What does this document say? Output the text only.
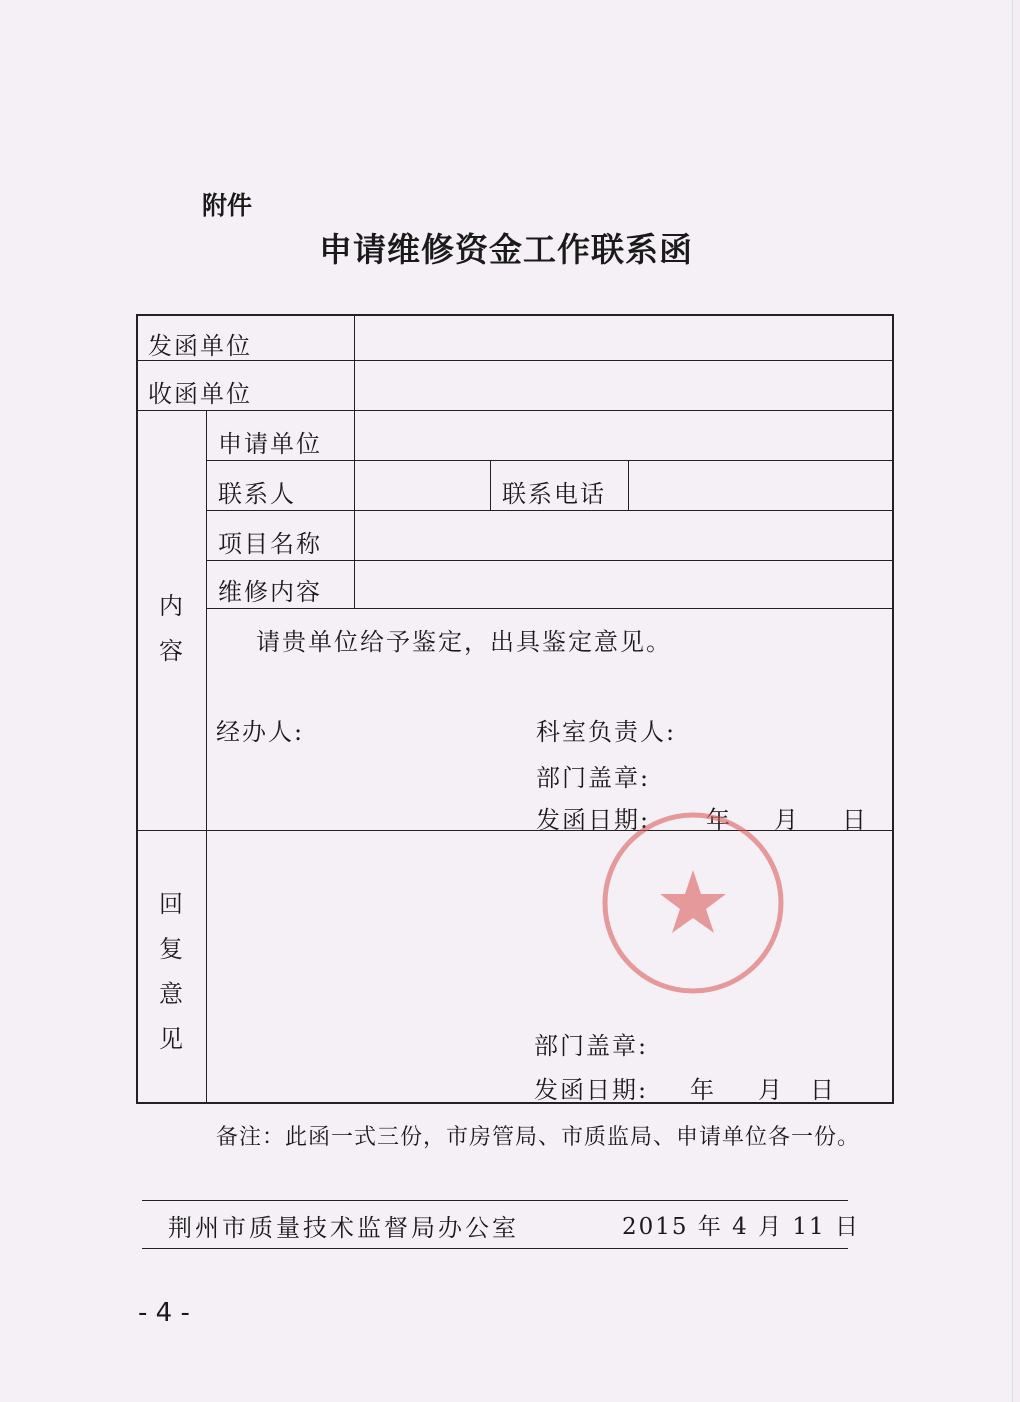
附件
申请维修资金工作联系函
发函单位
收函单位
内容
申请单位
联系人	联系电话
项目名称
维修内容
请贵单位给予鉴定，出具鉴定意见。
经办人:	科室负责人:
部门盖章:
发函日期: 年 月 日
回复意见	部门盖章:
发函日期: 年 月 日
备注：此函一式三份，市房管局、市质监局、申请单位各一份。
荆州市质量技术监督局办公室	2015 年 4 月 11 日
- 4 -
